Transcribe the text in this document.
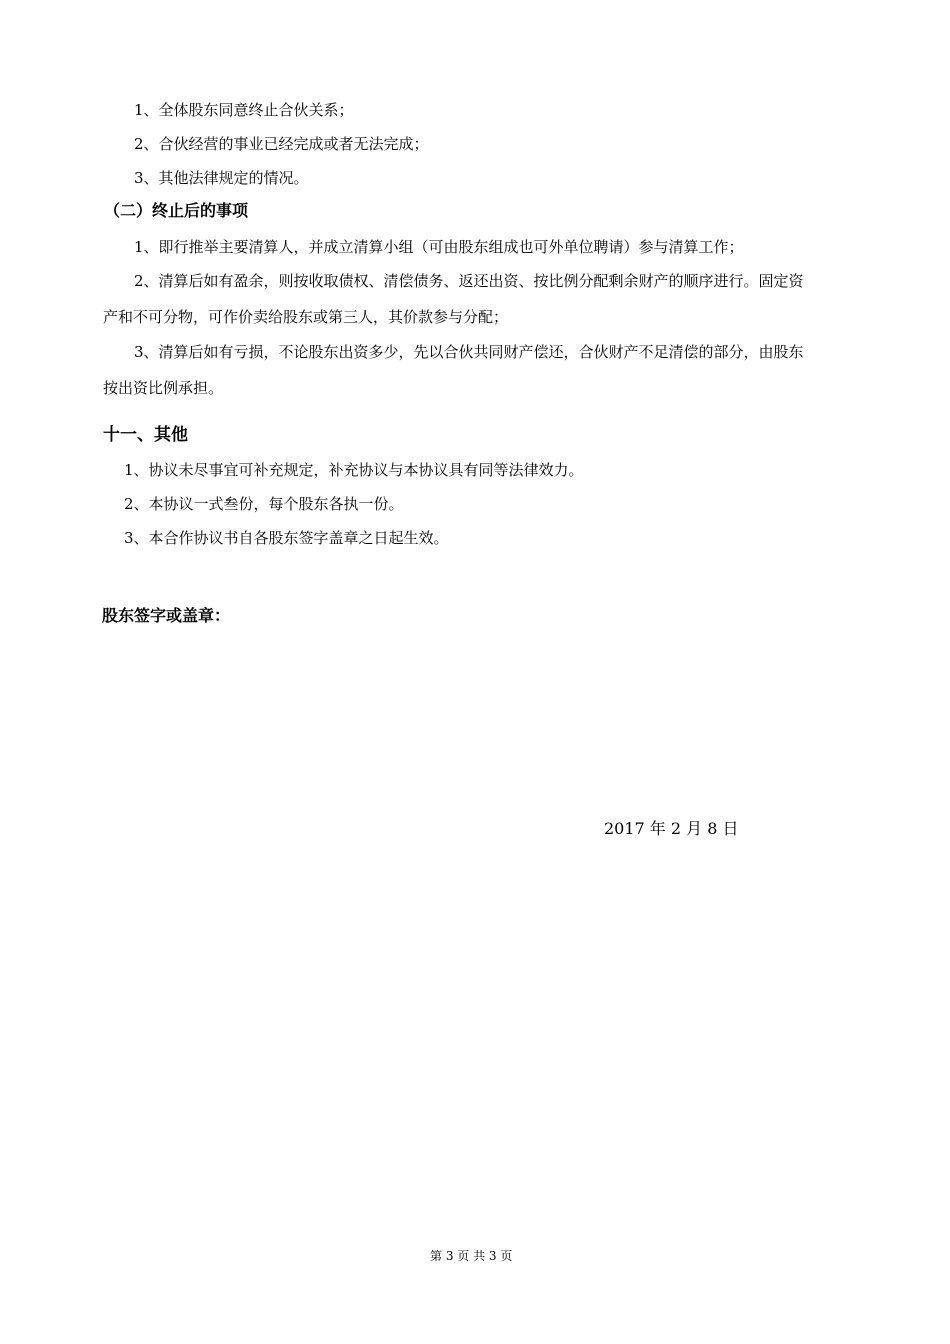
1、全体股东同意终止合伙关系；
2、合伙经营的事业已经完成或者无法完成；
3、其他法律规定的情况。
（二）终止后的事项
1、即行推举主要清算人，并成立清算小组（可由股东组成也可外单位聘请）参与清算工作；
2、清算后如有盈余，则按收取债权、清偿债务、返还出资、按比例分配剩余财产的顺序进行。固定资
产和不可分物，可作价卖给股东或第三人，其价款参与分配；
3、清算后如有亏损，不论股东出资多少，先以合伙共同财产偿还，合伙财产不足清偿的部分，由股东
按出资比例承担。
十一、其他
1、协议未尽事宜可补充规定，补充协议与本协议具有同等法律效力。
2、本协议一式叁份，每个股东各执一份。
3、本合作协议书自各股东签字盖章之日起生效。
股东签字或盖章：
2017 年 2 月 8 日
第 3 页 共 3 页
